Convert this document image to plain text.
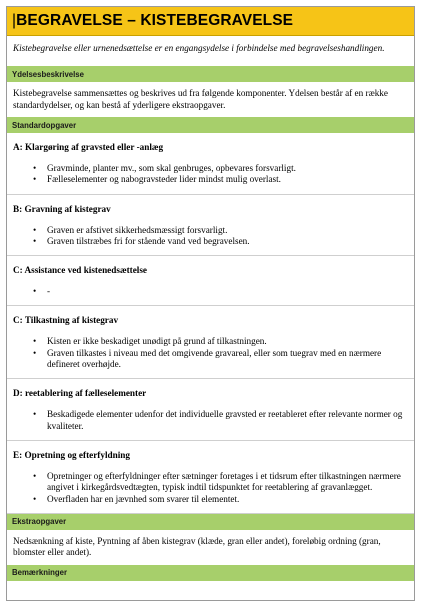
| BEGRAVELSE – KISTEBEGRAVELSE
Kistebegravelse eller urnenedsættelse er en engangsydelse i forbindelse med begravelseshandlingen.
Ydelsesbeskrivelse
Kistebegravelse sammensættes og beskrives ud fra følgende komponenter. Ydelsen består af en række standardydelser, og kan bestå af yderligere ekstraopgaver.
Standardopgaver
A: Klargøring af gravsted eller -anlæg
• Gravminde, planter mv., som skal genbruges, opbevares forsvarligt.
• Fælleselementer og nabogravsteder lider mindst mulig overlast.
B: Gravning af kistegrav
• Graven er afstivet sikkerhedsmæssigt forsvarligt.
• Graven tilstræbes fri for stående vand ved begravelsen.
C: Assistance ved kistenedsættelse
• -
C: Tilkastning af kistegrav
• Kisten er ikke beskadiget unødigt på grund af tilkastningen.
• Graven tilkastes i niveau med det omgivende gravareal, eller som tuegrav med en nærmere defineret overhøjde.
D: reetablering af fælleselementer
• Beskadigede elementer udenfor det individuelle gravsted er reetableret efter relevante normer og kvaliteter.
E: Opretning og efterfyldning
• Opretninger og efterfyldninger efter sætninger foretages i et tidsrum efter tilkastningen nærmere angivet i kirkegårdsvedtægten, typisk indtil tidspunktet for reetablering af gravanlægget.
• Overfladen har en jævnhed som svarer til elementet.
Ekstraopgaver
Nedsænkning af kiste, Pyntning af åben kistegrav (klæde, gran eller andet), foreløbig ordning (gran, blomster eller andet).
Bemærkninger
